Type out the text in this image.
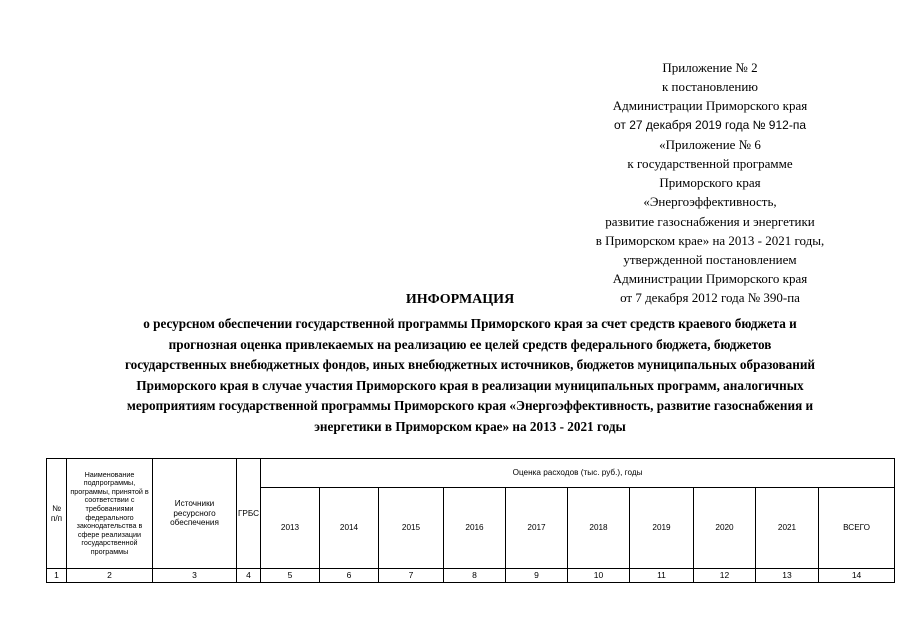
Приложение № 2
к постановлению
Администрации Приморского края
от 27 декабря 2019 года № 912-па
«Приложение № 6
к государственной программе
Приморского края
«Энергоэффективность,
развитие газоснабжения и энергетики
в Приморском крае» на 2013 - 2021 годы,
утвержденной постановлением
Администрации Приморского края
от 7 декабря 2012 года № 390-па
ИНФОРМАЦИЯ
о ресурсном обеспечении государственной программы Приморского края за счет средств краевого бюджета и
прогнозная оценка привлекаемых на реализацию ее целей средств федерального бюджета, бюджетов
государственных внебюджетных фондов, иных внебюджетных источников, бюджетов муниципальных образований
Приморского края в случае участия Приморского края в реализации муниципальных программ, аналогичных
мероприятиям государственной программы Приморского края «Энергоэффективность, развитие газоснабжения и
энергетики в Приморском крае» на 2013 - 2021 годы
№ п/п	Наименование подпрограммы, программы, принятой в соответствии с требованиями федерального законодательства в сфере реализации государственной программы	Источники ресурсного обеспечения	ГРБС	Оценка расходов (тыс. руб.), годы									
				2013	2014	2015	2016	2017	2018	2019	2020	2021	ВСЕГО
1	2	3	4	5	6	7	8	9	10	11	12	13	14
